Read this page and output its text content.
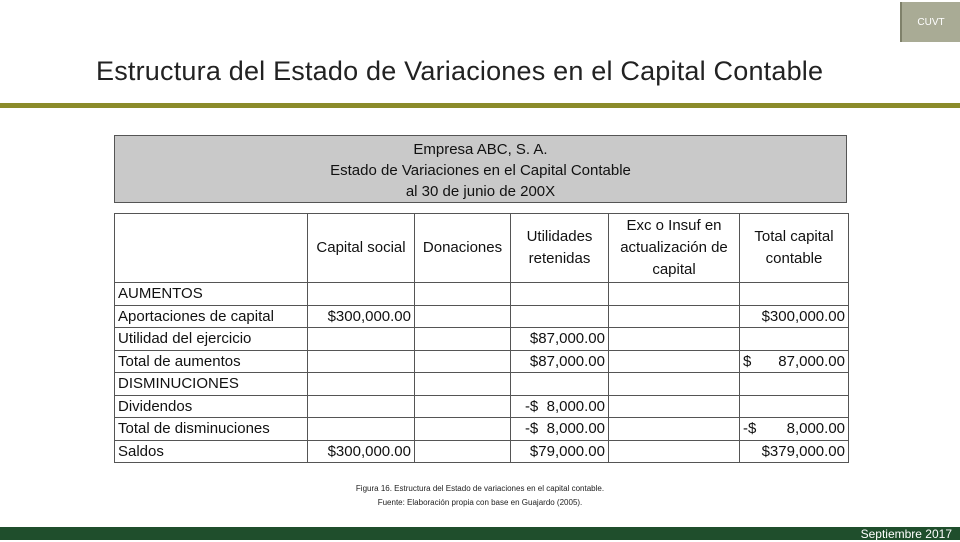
CUVT
Estructura del Estado de Variaciones en el Capital Contable
Empresa ABC, S. A.
Estado de Variaciones en el Capital Contable
al 30 de junio de 200X
	Capital social	Donaciones	Utilidades retenidas	Exc o Insuf en actualización de capital	Total capital contable
AUMENTOS					
Aportaciones de capital	$300,000.00				$300,000.00
Utilidad del ejercicio			$87,000.00		
Total de aumentos			$87,000.00		$ 87,000.00

DISMINUCIONES					
Dividendos			-$  8,000.00		
Total de disminuciones			-$  8,000.00		-$ 8,000.00

Saldos	$300,000.00		$79,000.00		$379,000.00
Figura 16. Estructura del Estado de variaciones en el capital contable.
Fuente: Elaboración propia con base en Guajardo (2005).
Septiembre 2017
